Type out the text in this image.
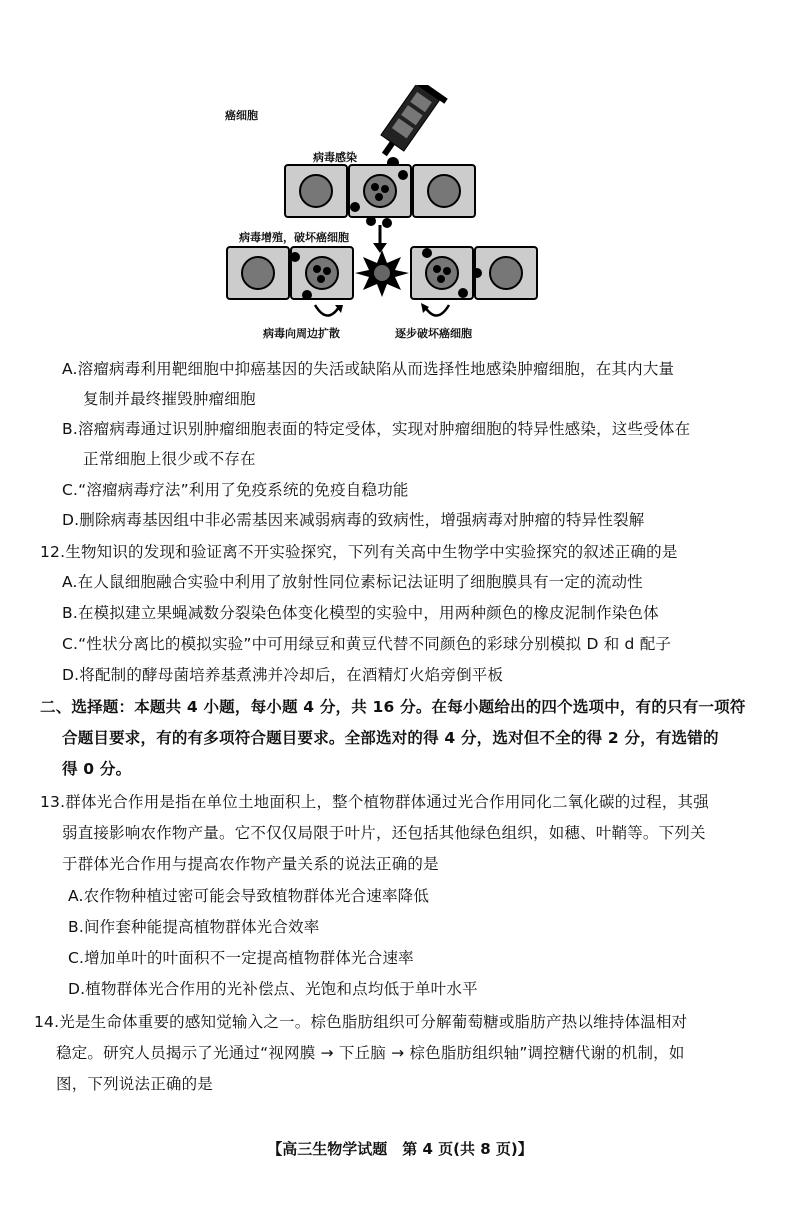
癌细胞
病毒感染
病毒增殖，破坏癌细胞
病毒向周边扩散	逐步破坏癌细胞
A.溶瘤病毒利用靶细胞中抑癌基因的失活或缺陷从而选择性地感染肿瘤细胞，在其内大量
复制并最终摧毁肿瘤细胞
B.溶瘤病毒通过识别肿瘤细胞表面的特定受体，实现对肿瘤细胞的特异性感染，这些受体在
正常细胞上很少或不存在
C.“溶瘤病毒疗法”利用了免疫系统的免疫自稳功能
D.删除病毒基因组中非必需基因来减弱病毒的致病性，增强病毒对肿瘤的特异性裂解
12.生物知识的发现和验证离不开实验探究，下列有关高中生物学中实验探究的叙述正确的是
A.在人鼠细胞融合实验中利用了放射性同位素标记法证明了细胞膜具有一定的流动性
B.在模拟建立果蝇减数分裂染色体变化模型的实验中，用两种颜色的橡皮泥制作染色体
C.“性状分离比的模拟实验”中可用绿豆和黄豆代替不同颜色的彩球分别模拟 D 和 d 配子
D.将配制的酵母菌培养基煮沸并冷却后，在酒精灯火焰旁倒平板
二、选择题：本题共 4 小题，每小题 4 分，共 16 分。在每小题给出的四个选项中，有的只有一项符
合题目要求，有的有多项符合题目要求。全部选对的得 4 分，选对但不全的得 2 分，有选错的
得 0 分。
13.群体光合作用是指在单位土地面积上，整个植物群体通过光合作用同化二氧化碳的过程，其强
弱直接影响农作物产量。它不仅仅局限于叶片，还包括其他绿色组织，如穗、叶鞘等。下列关
于群体光合作用与提高农作物产量关系的说法正确的是
A.农作物种植过密可能会导致植物群体光合速率降低
B.间作套种能提高植物群体光合效率
C.增加单叶的叶面积不一定提高植物群体光合速率
D.植物群体光合作用的光补偿点、光饱和点均低于单叶水平
14.光是生命体重要的感知觉输入之一。棕色脂肪组织可分解葡萄糖或脂肪产热以维持体温相对
稳定。研究人员揭示了光通过“视网膜 → 下丘脑 → 棕色脂肪组织轴”调控糖代谢的机制，如
图，下列说法正确的是
【高三生物学试题　第 4 页(共 8 页)】
